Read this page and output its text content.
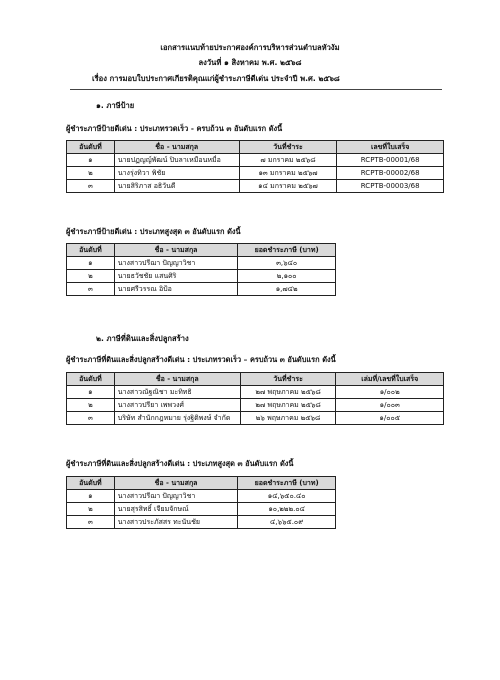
เอกสารแนบท้ายประกาศองค์การบริหารส่วนตำบลหัวงัม
ลงวันที่ ๑ สิงหาคม พ.ศ. ๒๕๖๘
เรื่อง การมอบใบประกาศเกียรติคุณแก่ผู้ชำระภาษีดีเด่น ประจำปี พ.ศ. ๒๕๖๘
๑. ภาษีป้าย
ผู้ชำระภาษีป้ายดีเด่น : ประเภทรวดเร็ว - ครบถ้วน ๓ อันดับแรก ดังนี้
อันดับที่	ชื่อ - นามสกุล	วันที่ชำระ	เลขที่ใบเสร็จ
๑	นายปฏญญ์พัฒน์ ปิบลาเหมือนหมื่อ	๗ มกราคม ๒๕๖๘	RCPTB-00001/68
๒	นางรุ่งทิวา พิชัย	๑๓ มกราคม ๒๕๖๗	RCPTB-00002/68
๓	นายสิริภาส อธิวันดี	๑๔ มกราคม ๒๕๖๗	RCPTB-00003/68
ผู้ชำระภาษีป้ายดีเด่น : ประเภทสูงสุด ๓ อันดับแรก ดังนี้
อันดับที่	ชื่อ - นามสกุล	ยอดชำระภาษี (บาท)
๑	นางสาวปรีฌา ปัญญาวิชา	๓,๖๔๐
๒	นายธวัชชัย แสนศิริ	๒,๑๐๐
๓	นายศรีวรรณ อิป้อ	๑,๗๔๒
๒. ภาษีที่ดินและสิ่งปลูกสร้าง
ผู้ชำระภาษีที่ดินและสิ่งปลูกสร้างดีเด่น : ประเภทรวดเร็ว – ครบถ้วน ๓ อันดับแรก ดังนี้
อันดับที่	ชื่อ - นามสกุล	วันที่ชำระ	เล่มที่/เลขที่ใบเสร็จ
๑	นางสาวณัฐณิชา มะทิทธิ	๒๗ พฤษภาคม ๒๕๖๘	๑/๐๐๒
๒	นางสาวปรียา เพพวงศ์	๒๗ พฤษภาคม ๒๕๖๘	๑/๐๐๓
๓	บริษัท สำนักกฎหมาย รุ่งฐิติพงษ์ จำกัด	๒๖ พฤษภาคม ๒๕๖๘	๑/๐๐๕
ผู้ชำระภาษีที่ดินและสิ่งปลูกสร้างดีเด่น : ประเภทสูงสุด ๓ อันดับแรก ดังนี้
อันดับที่	ชื่อ - นามสกุล	ยอดชำระภาษี (บาท)
๑	นางสาวปรีฌา ปัญญาวิชา	๑๔,๖๕๐.๔๐
๒	นายสุรสิทธิ์ เจียมจักษณ์	๑๐,๒๒๒.๐๔
๓	นางสาวประภัสสร ทะนันชัย	๔,๖๖๕.๐๙
